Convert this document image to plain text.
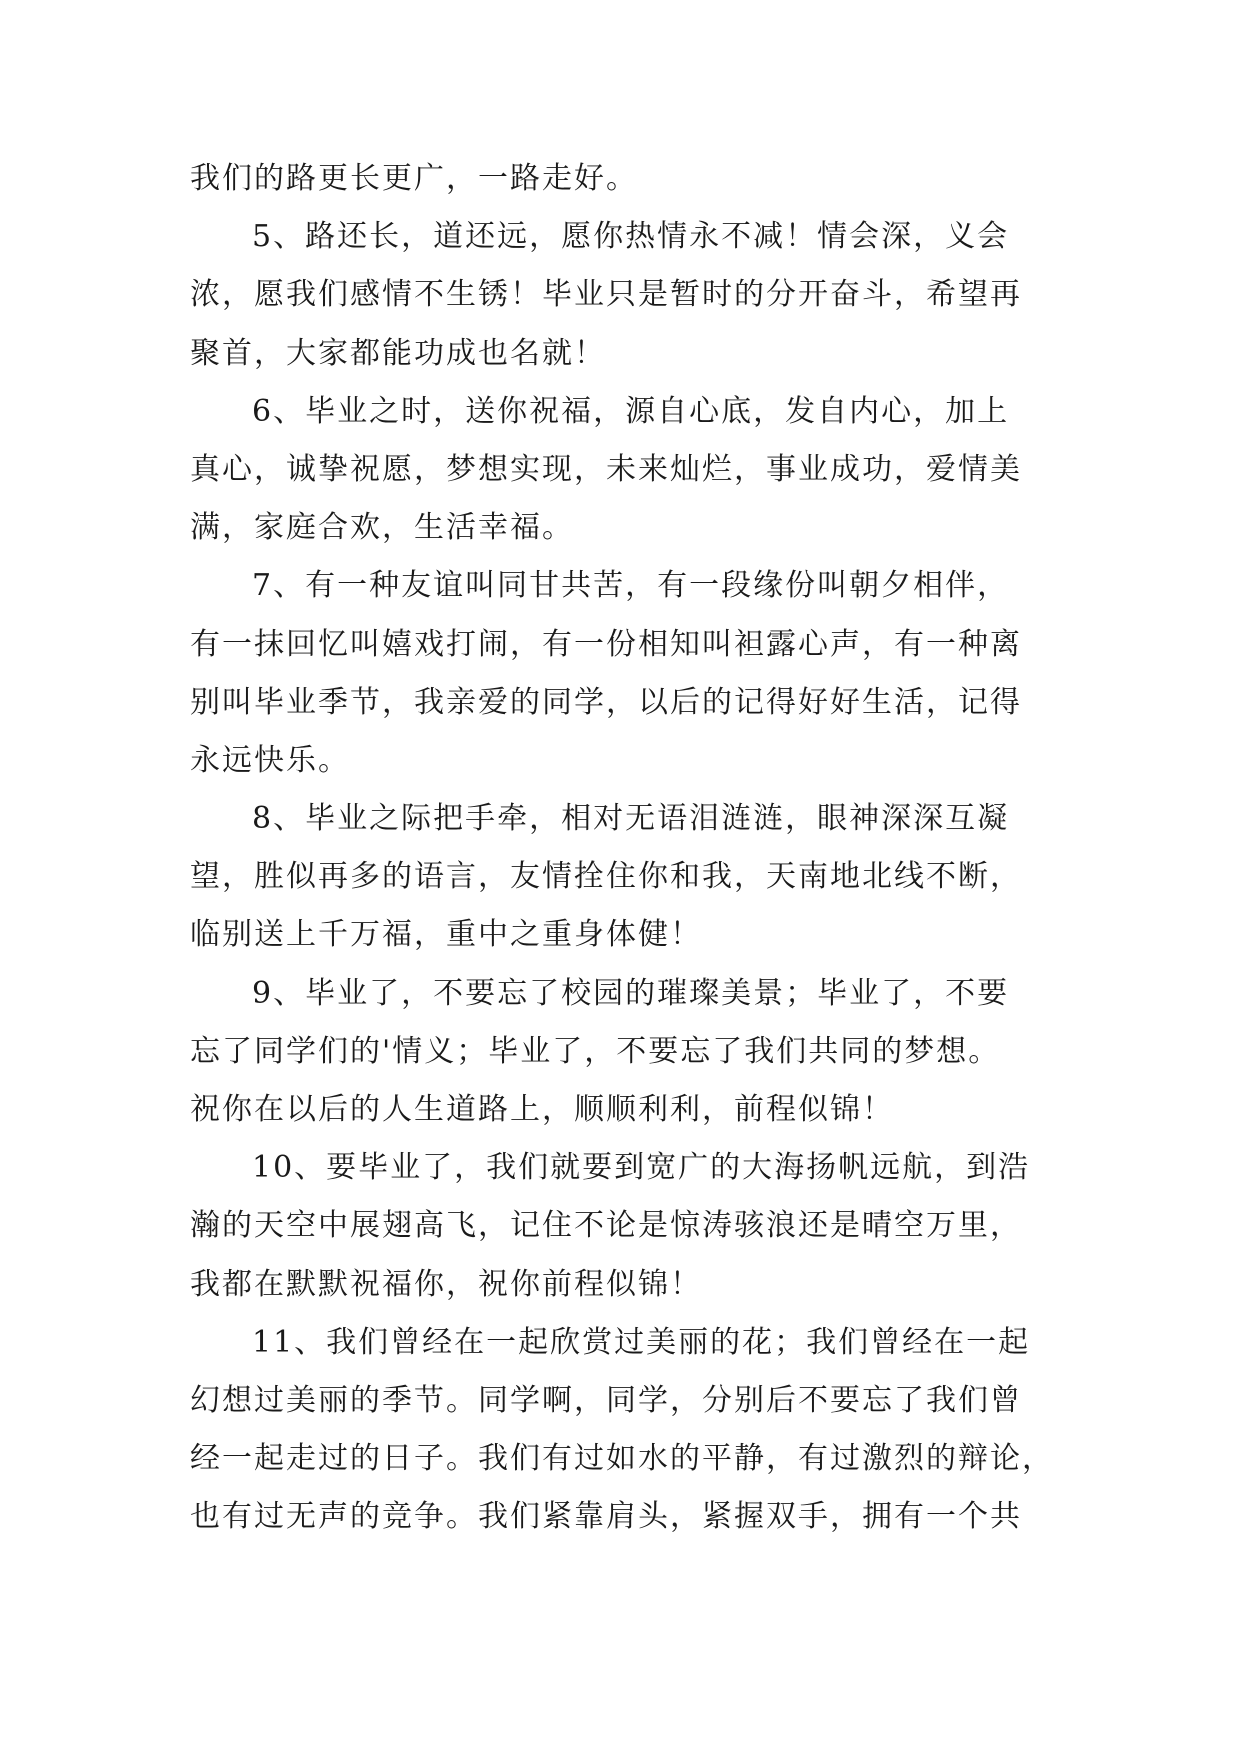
我们的路更长更广，一路走好。
5、路还长，道还远，愿你热情永不减！情会深，义会
浓，愿我们感情不生锈！毕业只是暂时的分开奋斗，希望再
聚首，大家都能功成也名就！
6、毕业之时，送你祝福，源自心底，发自内心，加上
真心，诚挚祝愿，梦想实现，未来灿烂，事业成功，爱情美
满，家庭合欢，生活幸福。
7、有一种友谊叫同甘共苦，有一段缘份叫朝夕相伴，
有一抹回忆叫嬉戏打闹，有一份相知叫袒露心声，有一种离
别叫毕业季节，我亲爱的同学，以后的记得好好生活，记得
永远快乐。
8、毕业之际把手牵，相对无语泪涟涟，眼神深深互凝
望，胜似再多的语言，友情拴住你和我，天南地北线不断，
临别送上千万福，重中之重身体健！
9、毕业了，不要忘了校园的璀璨美景；毕业了，不要
忘了同学们的'情义；毕业了，不要忘了我们共同的梦想。
祝你在以后的人生道路上，顺顺利利，前程似锦！
10、要毕业了，我们就要到宽广的大海扬帆远航，到浩
瀚的天空中展翅高飞，记住不论是惊涛骇浪还是晴空万里，
我都在默默祝福你，祝你前程似锦！
11、我们曾经在一起欣赏过美丽的花；我们曾经在一起
幻想过美丽的季节。同学啊，同学，分别后不要忘了我们曾
经一起走过的日子。我们有过如水的平静，有过激烈的辩论，
也有过无声的竞争。我们紧靠肩头，紧握双手，拥有一个共
